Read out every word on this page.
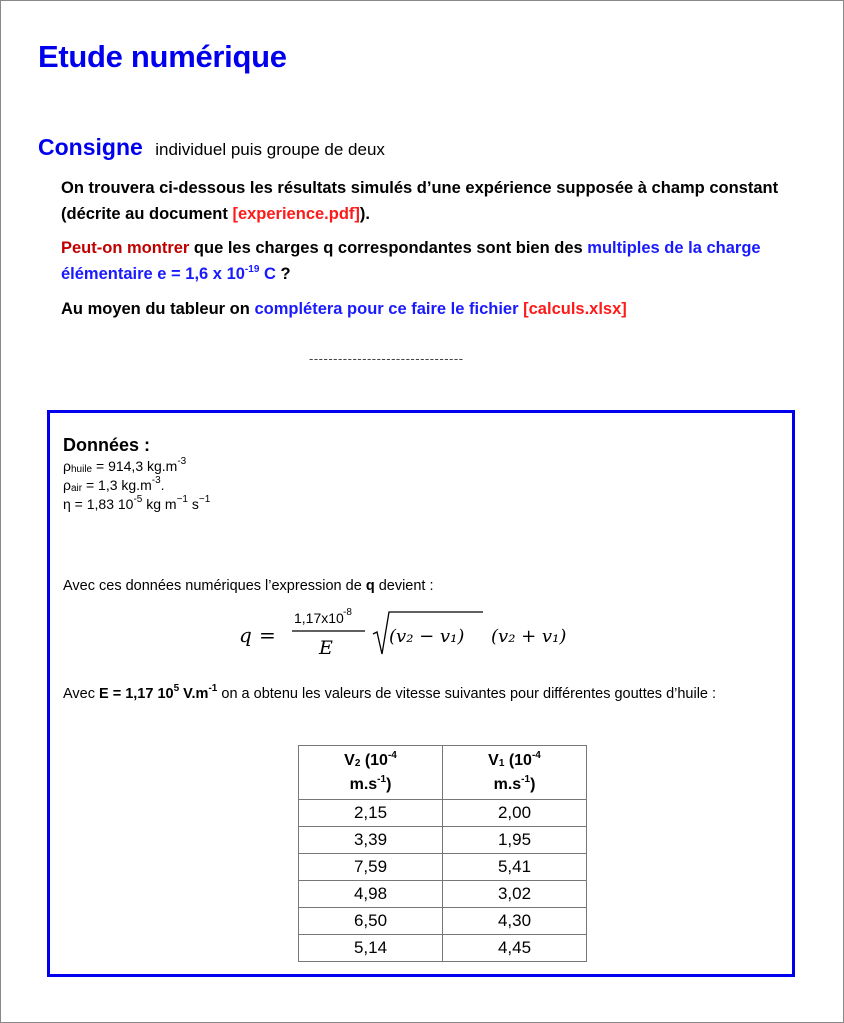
Etude numérique
Consigne individuel puis groupe de deux

On trouvera ci-dessous les résultats simulés d’une expérience supposée à champ constant (décrite au document [experience.pdf]).

Peut-on montrer que les charges q correspondantes sont bien des multiples de la charge élémentaire e = 1,6 x $10^{-19}$ C ?

Au moyen du tableur on complétera pour ce faire le fichier [calculs.xlsx]

--------------------------------

Données :

$\rho_{huile} = 914,3$ $kg.m^{-3}$

$\rho_{air} = 1,3$ $kg.m^{-3}$.

η = 1,83 $10^{-5}$ kg $m^{-1}$ $s^{-1}$

Avec ces données numériques l’expression de q devient :

q =
1,17x10 -8
E
(v₂ − v₁) (v₂ + v₁)

Avec E = 1,17 $10^5$ $V.m^{-1}$ on a obtenu les valeurs de vitesse suivantes pour différentes gouttes d’huile :

$V_2$ ($10^{-4}$
$m.s^{-1}$)	$V_1$ ($10^{-4}$
$m.s^{-1}$)
2,15	2,00
3,39	1,95
7,59	5,41
4,98	3,02
6,50	4,30
5,14	4,45
